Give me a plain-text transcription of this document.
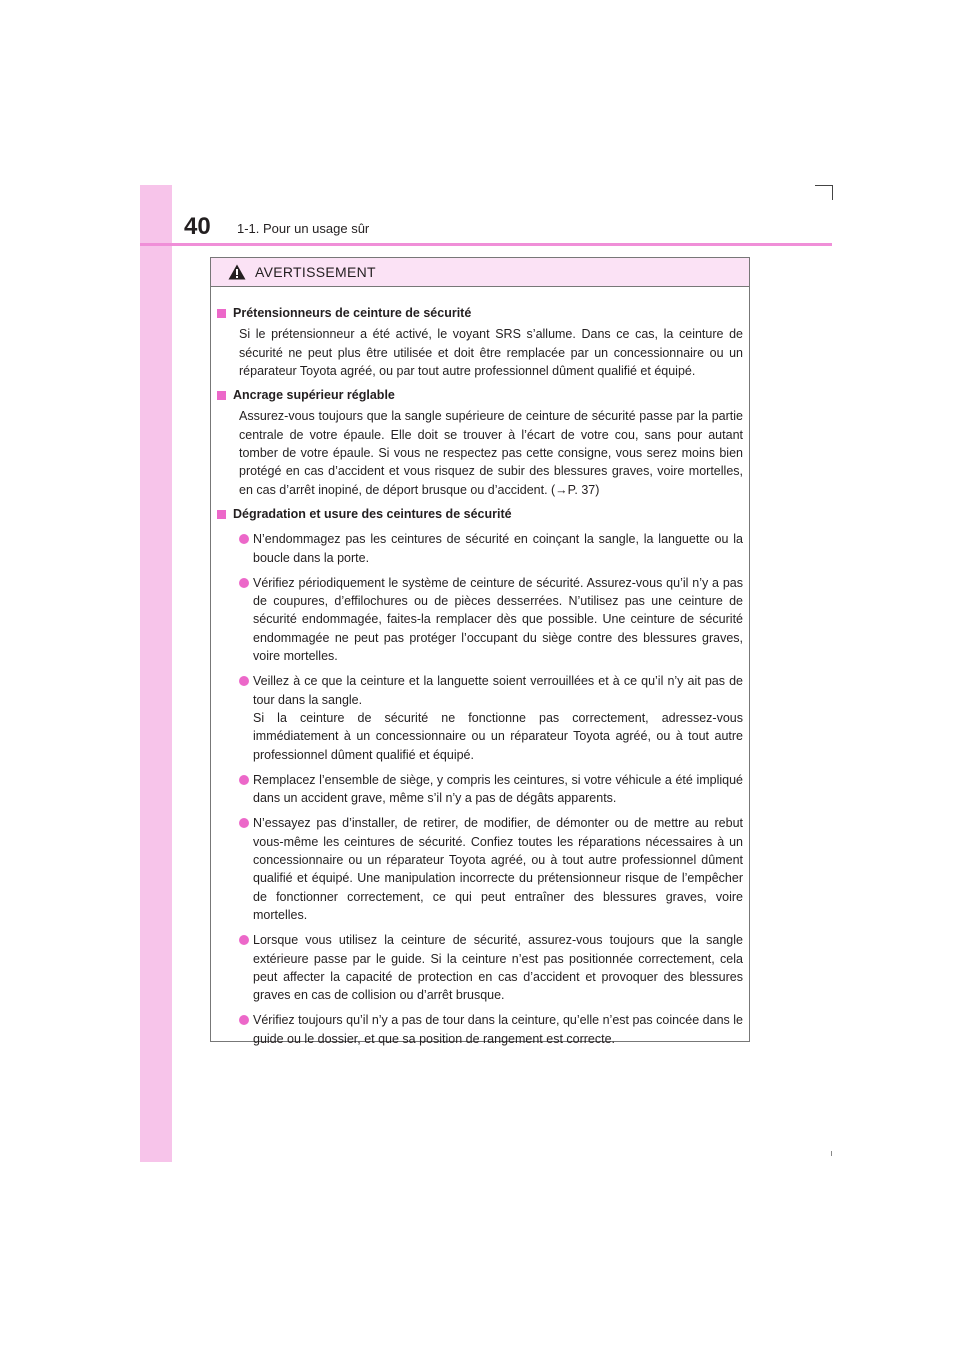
40 1-1. Pour un usage sûr
AVERTISSEMENT
Prétensionneurs de ceinture de sécurité
Si le prétensionneur a été activé, le voyant SRS s’allume. Dans ce cas, la ceinture de sécurité ne peut plus être utilisée et doit être remplacée par un concessionnaire ou un réparateur Toyota agréé, ou par tout autre professionnel dûment qualifié et équipé.
Ancrage supérieur réglable
Assurez-vous toujours que la sangle supérieure de ceinture de sécurité passe par la partie centrale de votre épaule. Elle doit se trouver à l’écart de votre cou, sans pour autant tomber de votre épaule. Si vous ne respectez pas cette consigne, vous serez moins bien protégé en cas d’accident et vous risquez de subir des blessures graves, voire mortelles, en cas d’arrêt inopiné, de déport brusque ou d’accident. (→P. 37)
Dégradation et usure des ceintures de sécurité
N’endommagez pas les ceintures de sécurité en coinçant la sangle, la languette ou la boucle dans la porte.
Vérifiez périodiquement le système de ceinture de sécurité. Assurez-vous qu’il n’y a pas de coupures, d’effilochures ou de pièces desserrées. N’utilisez pas une ceinture de sécurité endommagée, faites-la remplacer dès que possible. Une ceinture de sécurité endommagée ne peut pas protéger l’occupant du siège contre des blessures graves, voire mortelles.
Veillez à ce que la ceinture et la languette soient verrouillées et à ce qu’il n’y ait pas de tour dans la sangle.
Si la ceinture de sécurité ne fonctionne pas correctement, adressez-vous immédiatement à un concessionnaire ou un réparateur Toyota agréé, ou à tout autre professionnel dûment qualifié et équipé.
Remplacez l’ensemble de siège, y compris les ceintures, si votre véhicule a été impliqué dans un accident grave, même s’il n’y a pas de dégâts apparents.
N’essayez pas d’installer, de retirer, de modifier, de démonter ou de mettre au rebut vous-même les ceintures de sécurité. Confiez toutes les réparations nécessaires à un concessionnaire ou un réparateur Toyota agréé, ou à tout autre professionnel dûment qualifié et équipé. Une manipulation incorrecte du prétensionneur risque de l’empêcher de fonctionner correctement, ce qui peut entraîner des blessures graves, voire mortelles.
Lorsque vous utilisez la ceinture de sécurité, assurez-vous toujours que la sangle extérieure passe par le guide. Si la ceinture n’est pas positionnée correctement, cela peut affecter la capacité de protection en cas d’accident et provoquer des blessures graves en cas de collision ou d’arrêt brusque.
Vérifiez toujours qu’il n’y a pas de tour dans la ceinture, qu’elle n’est pas coincée dans le guide ou le dossier, et que sa position de rangement est correcte.
